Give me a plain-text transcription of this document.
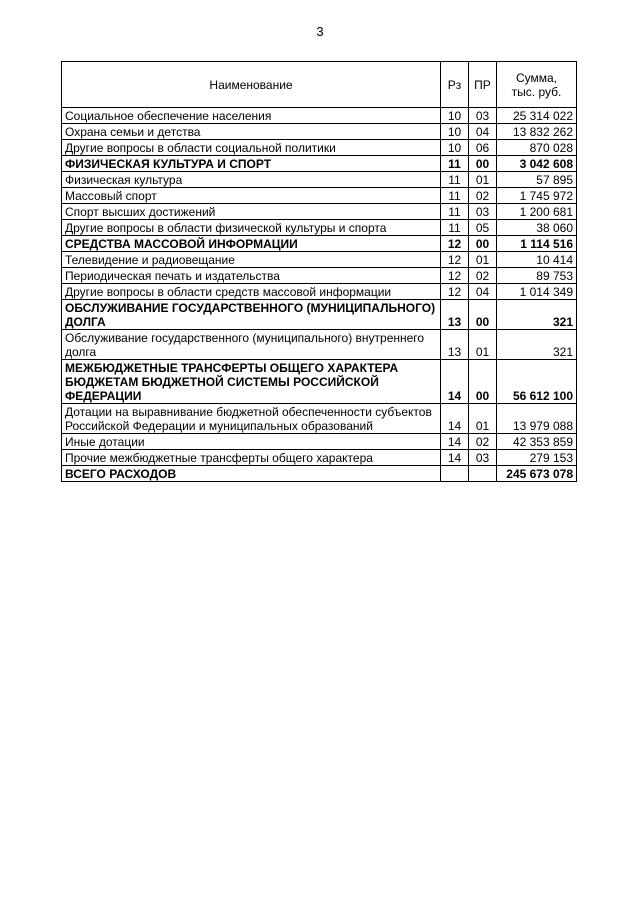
3
Наименование	Рз	ПР	Сумма,
тыс. руб.
Социальное обеспечение населения	10	03	25 314 022
Охрана семьи и детства	10	04	13 832 262
Другие вопросы в области социальной политики	10	06	870 028
ФИЗИЧЕСКАЯ КУЛЬТУРА И СПОРТ	11	00	3 042 608
Физическая культура	11	01	57 895
Массовый спорт	11	02	1 745 972
Спорт высших достижений	11	03	1 200 681
Другие вопросы в области физической культуры и спорта	11	05	38 060
СРЕДСТВА МАССОВОЙ ИНФОРМАЦИИ	12	00	1 114 516
Телевидение и радиовещание	12	01	10 414
Периодическая печать и издательства	12	02	89 753
Другие вопросы в области средств массовой информации	12	04	1 014 349
ОБСЛУЖИВАНИЕ ГОСУДАРСТВЕННОГО (МУНИЦИПАЛЬНОГО) ДОЛГА	13	00	321
Обслуживание государственного (муниципального) внутреннего долга	13	01	321
МЕЖБЮДЖЕТНЫЕ ТРАНСФЕРТЫ ОБЩЕГО ХАРАКТЕРА БЮДЖЕТАМ БЮДЖЕТНОЙ СИСТЕМЫ РОССИЙСКОЙ ФЕДЕРАЦИИ	14	00	56 612 100
Дотации на выравнивание бюджетной обеспеченности субъектов Российской Федерации и муниципальных образований	14	01	13 979 088
Иные дотации	14	02	42 353 859
Прочие межбюджетные трансферты общего характера	14	03	279 153
ВСЕГО РАСХОДОВ			245 673 078
